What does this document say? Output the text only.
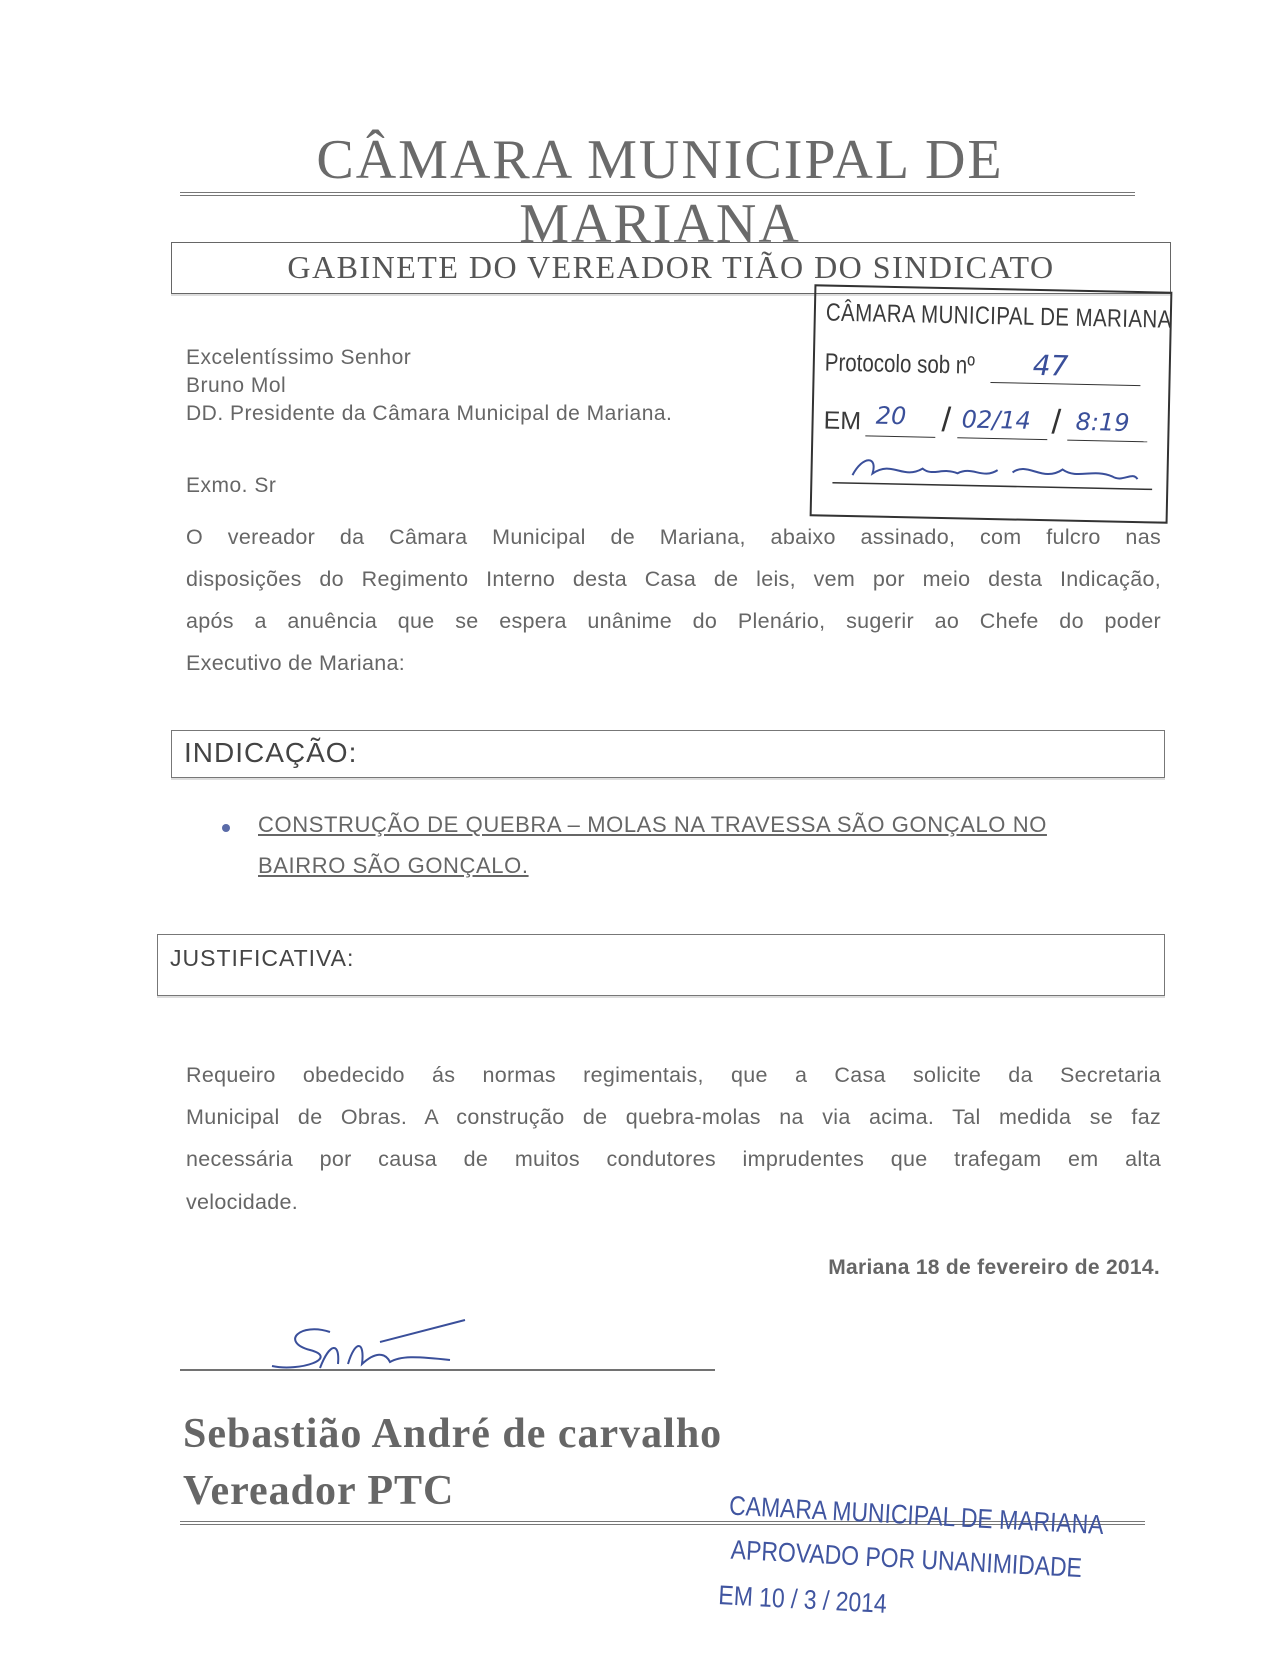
CÂMARA MUNICIPAL DE MARIANA
GABINETE DO VEREADOR TIÃO DO SINDICATO
CÂMARA MUNICIPAL DE MARIANA
Protocolo sob nº 47
EM 20 / 02/14 / 8:19
Excelentíssimo Senhor
Bruno Mol
DD. Presidente da Câmara Municipal de Mariana.
Exmo. Sr
O vereador da Câmara Municipal de Mariana, abaixo assinado, com fulcro nas
disposições do Regimento Interno desta Casa de leis, vem por meio desta Indicação,
após a anuência que se espera unânime do Plenário, sugerir ao Chefe do poder
Executivo de Mariana:
INDICAÇÃO:
CONSTRUÇÃO DE QUEBRA – MOLAS NA TRAVESSA SÃO GONÇALO NO
BAIRRO SÃO GONÇALO.
JUSTIFICATIVA:
Requeiro obedecido ás normas regimentais, que a Casa solicite da Secretaria
Municipal de Obras. A construção de quebra-molas na via acima. Tal medida se faz
necessária por causa de muitos condutores imprudentes que trafegam em alta
velocidade.
Mariana 18 de fevereiro de 2014.
Sebastião André de carvalho
Vereador PTC	CAMARA MUNICIPAL DE MARIANA
APROVADO POR UNANIMIDADE
EM 10 / 3 / 2014
